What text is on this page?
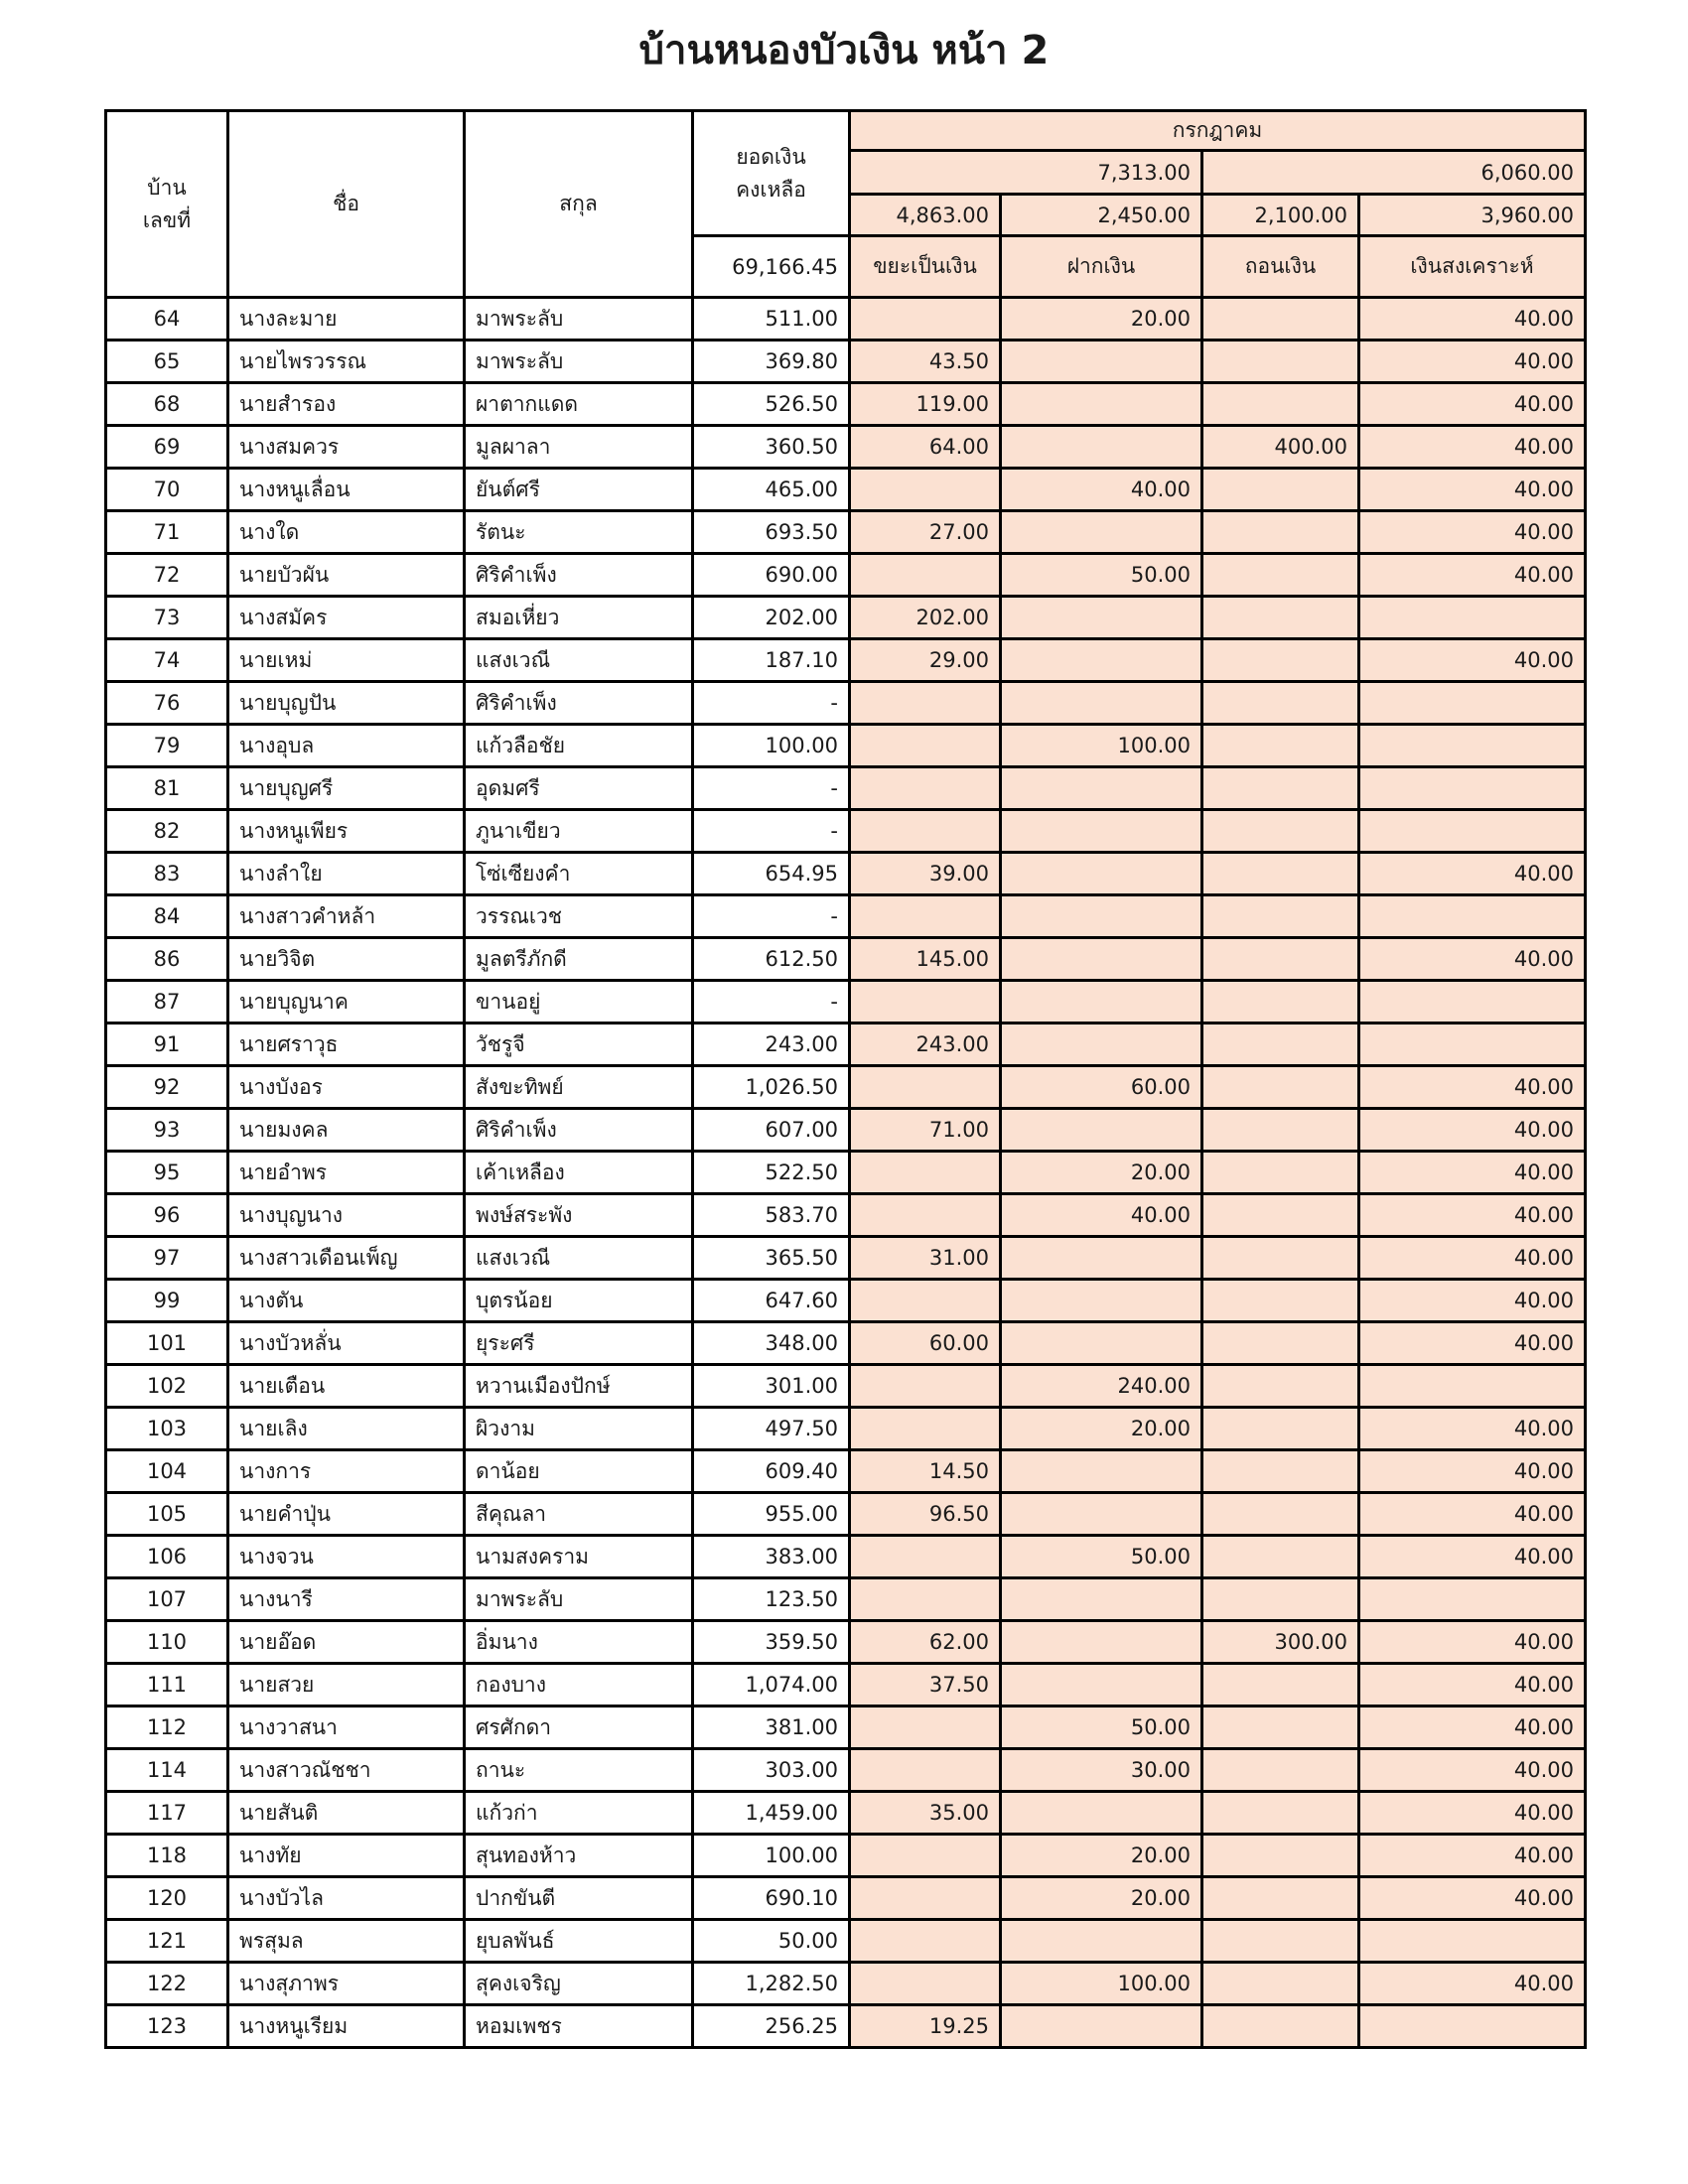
บ้านหนองบัวเงิน หน้า 2
บ้าน
เลขที่	ชื่อ	สกุล	ยอดเงิน
คงเหลือ	กรกฎาคม			
				7,313.00		6,060.00	
				4,863.00	2,450.00	2,100.00	3,960.00
			69,166.45	ขยะเป็นเงิน	ฝากเงิน	ถอนเงิน	เงินสงเคราะห์
64	นางละมาย	มาพระลับ	511.00		20.00		40.00
65	นายไพรวรรณ	มาพระลับ	369.80	43.50			40.00
68	นายสำรอง	ผาตากแดด	526.50	119.00			40.00
69	นางสมควร	มูลผาลา	360.50	64.00		400.00	40.00
70	นางหนูเลื่อน	ยันต์ศรี	465.00		40.00		40.00
71	นางใด	รัตนะ	693.50	27.00			40.00
72	นายบัวผัน	ศิริคำเพ็ง	690.00		50.00		40.00
73	นางสมัคร	สมอเหี่ยว	202.00	202.00			
74	นายเหม่	แสงเวณี	187.10	29.00			40.00
76	นายบุญปัน	ศิริคำเพ็ง	-				
79	นางอุบล	แก้วลือชัย	100.00		100.00		
81	นายบุญศรี	อุดมศรี	-				
82	นางหนูเพียร	ภูนาเขียว	-				
83	นางลำใย	โซ่เซียงคำ	654.95	39.00			40.00
84	นางสาวคำหล้า	วรรณเวช	-				
86	นายวิจิต	มูลตรีภักดี	612.50	145.00			40.00
87	นายบุญนาค	ขานอยู่	-				
91	นายศราวุธ	วัชรูจี	243.00	243.00			
92	นางบังอร	สังขะทิพย์	1,026.50		60.00		40.00
93	นายมงคล	ศิริคำเพ็ง	607.00	71.00			40.00
95	นายอำพร	เค้าเหลือง	522.50		20.00		40.00
96	นางบุญนาง	พงษ์สระพัง	583.70		40.00		40.00
97	นางสาวเดือนเพ็ญ	แสงเวณี	365.50	31.00			40.00
99	นางตัน	บุตรน้อย	647.60				40.00
101	นางบัวหลั่น	ยุระศรี	348.00	60.00			40.00
102	นายเตือน	หวานเมืองปักษ์	301.00		240.00		
103	นายเลิง	ผิวงาม	497.50		20.00		40.00
104	นางการ	ดาน้อย	609.40	14.50			40.00
105	นายคำปุ่น	สีคุณลา	955.00	96.50			40.00
106	นางจวน	นามสงคราม	383.00		50.00		40.00
107	นางนารี	มาพระลับ	123.50				
110	นายอ๊อด	อิ่มนาง	359.50	62.00		300.00	40.00
111	นายสวย	กองบาง	1,074.00	37.50			40.00
112	นางวาสนา	ศรศักดา	381.00		50.00		40.00
114	นางสาวณัชชา	ถานะ	303.00		30.00		40.00
117	นายสันติ	แก้วก่า	1,459.00	35.00			40.00
118	นางทัย	สุนทองห้าว	100.00		20.00		40.00
120	นางบัวไล	ปากขันตี	690.10		20.00		40.00
121	พรสุมล	ยุบลพันธ์	50.00				
122	นางสุภาพร	สุคงเจริญ	1,282.50		100.00		40.00
123	นางหนูเรียม	หอมเพชร	256.25	19.25			
